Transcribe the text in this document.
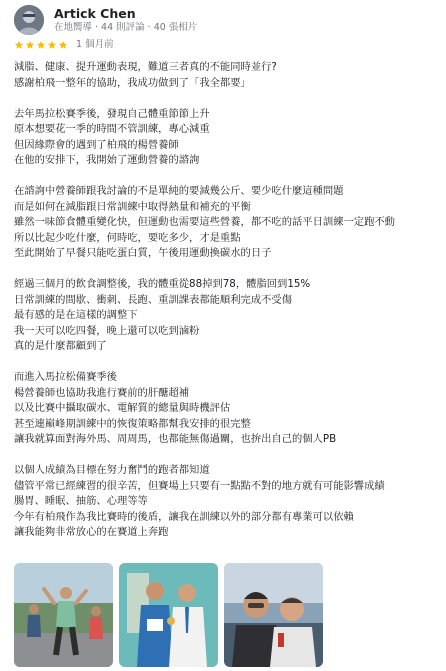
Artick Chen
在地嚮導 · 44 則評論 · 40 張相片
1 個月前
減脂、健康、提升運動表現，難道三者真的不能同時並行?
感謝柏飛一整年的協助，我成功做到了「我全都要」
去年馬拉松賽季後，發現自己體重節節上升
原本想要花一季的時間不管訓練，專心減重
但因緣際會的遇到了柏飛的楊營養師
在他的安排下，我開始了運動營養的諮詢
在諮詢中營養師跟我討論的不是單純的要減幾公斤、要少吃什麼這種問題
而是如何在減脂跟日常訓練中取得熱量和補充的平衡
雖然一味節食體重變化快，但運動也需要這些營養，都不吃的話平日訓練一定跑不動
所以比起少吃什麼，何時吃，要吃多少，才是重點
至此開始了早餐只能吃蛋白質，午後用運動換碳水的日子
經過三個月的飲食調整後，我的體重從88掉到78，體脂回到15%
日常訓練的間歇、衝刺、長跑、重訓課表都能順利完成不受傷
最有感的是在這樣的調整下
我一天可以吃四餐，晚上還可以吃到滷粉
真的是什麼都顧到了
而進入馬拉松備賽季後
楊營養師也協助我進行賽前的肝醣超補
以及比賽中攝取碳水、電解質的總量與時機評估
甚至連巔峰期訓練中的恢復策略都幫我安排的很完整
讓我就算面對海外馬、周周馬，也都能無傷過關，也拚出自己的個人PB
以個人成績為目標在努力奮鬥的跑者都知道
儘管平常已經練習的很辛苦，但賽場上只要有一點點不對的地方就有可能影響成績
腸胃、睡眠、抽筋、心理等等
今年有柏飛作為我比賽時的後盾，讓我在訓練以外的部分都有專業可以依賴
讓我能夠非常放心的在賽道上奔跑
